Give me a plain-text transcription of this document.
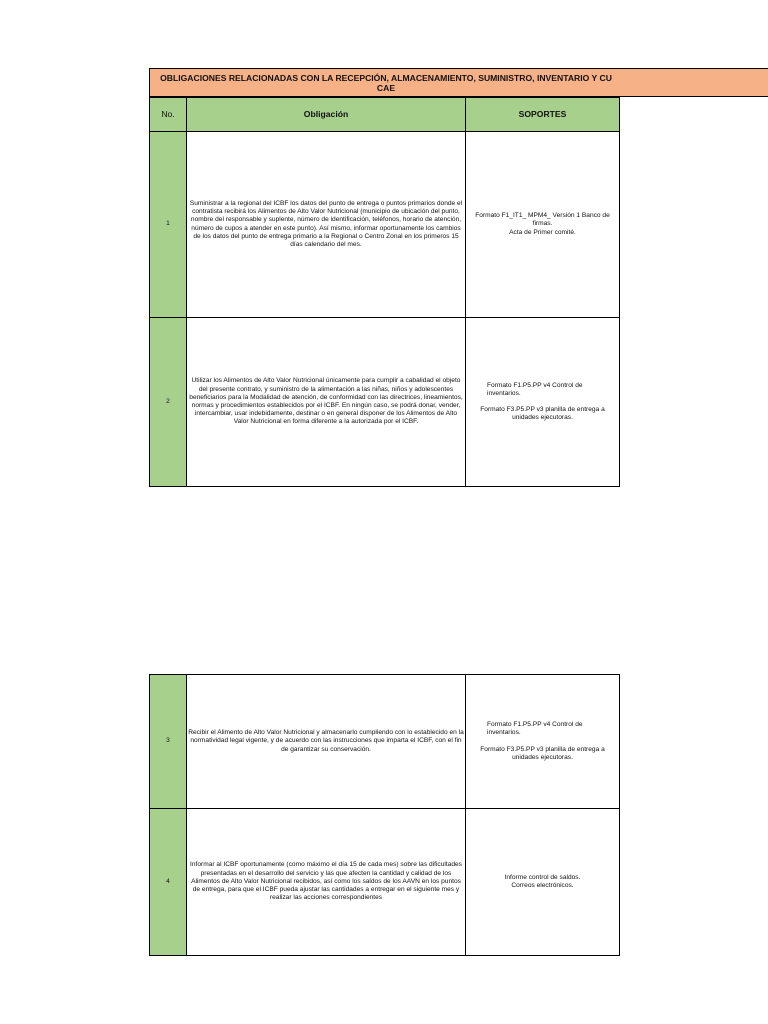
OBLIGACIONES RELACIONADAS CON LA RECEPCIÓN, ALMACENAMIENTO, SUMINISTRO, INVENTARIO Y CU
CAE
No.	Obligación	SOPORTES
1	Suministrar a la regional del ICBF los datos del punto de entrega o puntos primarios donde el contratista recibirá los Alimentos de Alto Valor Nutricional (municipio de ubicación del punto, nombre del responsable y suplente, número de identificación, teléfonos, horario de atención, número de cupos a atender en este punto). Así mismo, informar oportunamente los cambios de los datos del punto de entrega primario a la Regional o Centro Zonal en los primeros 15 días calendario del mes.	Formato F1_IT1_ MPM4_ Versión 1 Banco de firmas.
Acta de Primer comité.

2	Utilizar los Alimentos de Alto Valor Nutricional únicamente para cumplir a cabalidad el objeto del presente contrato, y suministro de la alimentación a las niñas, niños y adolescentes beneficiarios para la Modalidad de atención, de conformidad con las directrices, lineamientos, normas y procedimientos establecidos por el ICBF. En ningún caso, se podrá donar, vender, intercambiar, usar indebidamente, destinar o en general disponer de los Alimentos de Alto Valor Nutricional en forma diferente a la autorizada por el ICBF.	Formato F1.P5.PP v4 Control de inventarios.
Formato F3.P5.PP v3 planilla de entrega a unidades ejecutoras.
3	Recibir el Alimento de Alto Valor Nutricional y almacenarlo cumpliendo con lo establecido en la normatividad legal vigente, y de acuerdo con las instrucciones que imparta el ICBF, con el fin de garantizar su conservación.	Formato F1.P5.PP v4 Control de inventarios.
Formato F3.P5.PP v3 planilla de entrega a unidades ejecutoras.

4	Informar al ICBF oportunamente (como máximo el día 15 de cada mes) sobre las dificultades presentadas en el desarrollo del servicio y las que afecten la cantidad y calidad de los Alimentos de Alto Valor Nutricional recibidos, así como los saldos de los AAVN en los puntos de entrega, para que el ICBF pueda ajustar las cantidades a entregar en el siguiente mes y realizar las acciones correspondientes	Informe control de saldos.
Correos electrónicos.
